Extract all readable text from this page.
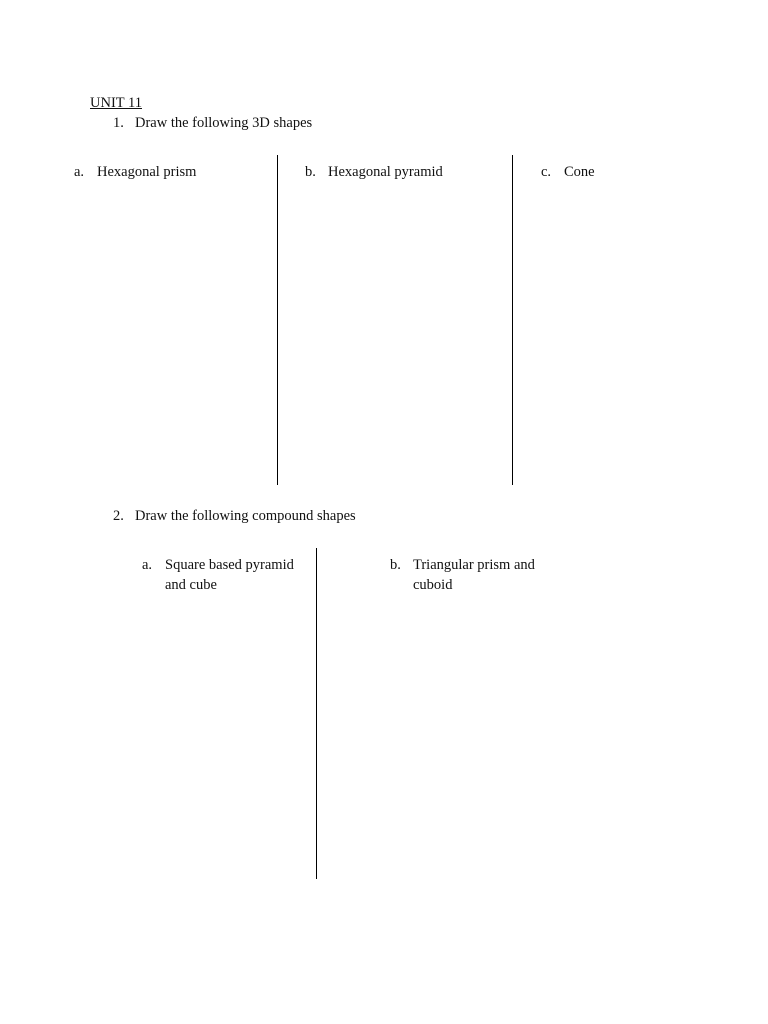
UNIT 11
1. Draw the following 3D shapes
a. Hexagonal prism	b. Hexagonal pyramid	c. Cone
2. Draw the following compound shapes
a. Square based pyramid
and cube
b. Triangular prism and
cuboid
